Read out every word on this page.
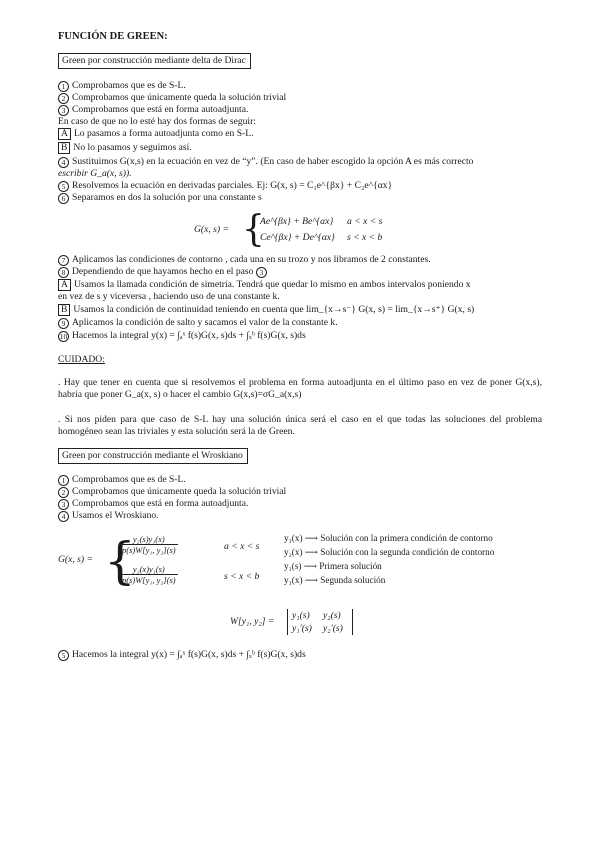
FUNCIÓN DE GREEN:
Green por construcción mediante delta de Dirac
1 Comprobamos que es de S-L.
2 Comprobamos que únicamente queda la solución trivial
3 Comprobamos que está en forma autoadjunta.
En caso de que no lo esté hay dos formas de seguir:
A Lo pasamos a forma autoadjunta como en S-L.
B No lo pasamos y seguimos así.
4 Sustituimos G(x,s) en la ecuación en vez de “y”. (En caso de haber escogido la opción A es más correcto
escribir G_a(x, s)).
5 Resolvemos la ecuación en derivadas parciales. Ej: G(x, s) = C₁e^{βx} + C₂e^{αx}
6 Separamos en dos la solución por una constante s
G(x, s) = {
Ae^{βx} + Be^{αx} a < x < s
Ce^{βx} + De^{αx} s < x < b
7 Aplicamos las condiciones de contorno , cada una en su trozo y nos libramos de 2 constantes.
8 Dependiendo de que hayamos hecho en el paso 3
A Usamos la llamada condición de simetría. Tendrá que quedar lo mismo en ambos intervalos poniendo x
en vez de s y viceversa , haciendo uso de una constante k.
B Usamos la condición de continuidad teniendo en cuenta que lim_{x→s⁻} G(x, s) = lim_{x→s⁺} G(x, s)
9 Aplicamos la condición de salto y sacamos el valor de la constante k.
10 Hacemos la integral y(x) = ∫ₐˣ f(s)G(x, s)ds + ∫ₓᵇ f(s)G(x, s)ds
CUIDADO:
. Hay que tener en cuenta que si resolvemos el problema en forma autoadjunta en el último paso en vez de poner G(x,s), habría que poner G_a(x, s) o hacer el cambio G(x,s)=σG_a(x,s)
. Si nos piden para que caso de S-L hay una solución única será el caso en el que todas las soluciones del problema homogéneo sean las triviales y esta solución será la de Green.
Green por construcción mediante el Wroskiano
1 Comprobamos que es de S-L.
2 Comprobamos que únicamente queda la solución trivial
3 Comprobamos que está en forma autoadjunta.
4 Usamos el Wroskiano.
G(x, s) = {
$\frac{\text{y₂(s)y₁(x)}}{\text{p(s)W[y₁, y₂](s)}}$	a < x < s
$\frac{\text{y₂(x)y₁(s)}}{\text{p(s)W[y₁, y₂](s)}}$	s < x < b
y₁(x) ⟶ Solución con la primera condición de contorno
y₂(x) ⟶ Solución con la segunda condición de contorno
y₁(s) ⟶ Primera solución
y₁(x) ⟶ Segunda solución
W[y₁, y₂] =
y₁(s) y₂(s)
y₁′(s) y₂′(s)
5 Hacemos la integral y(x) = ∫ₐˣ f(s)G(x, s)ds + ∫ₓᵇ f(s)G(x, s)ds
